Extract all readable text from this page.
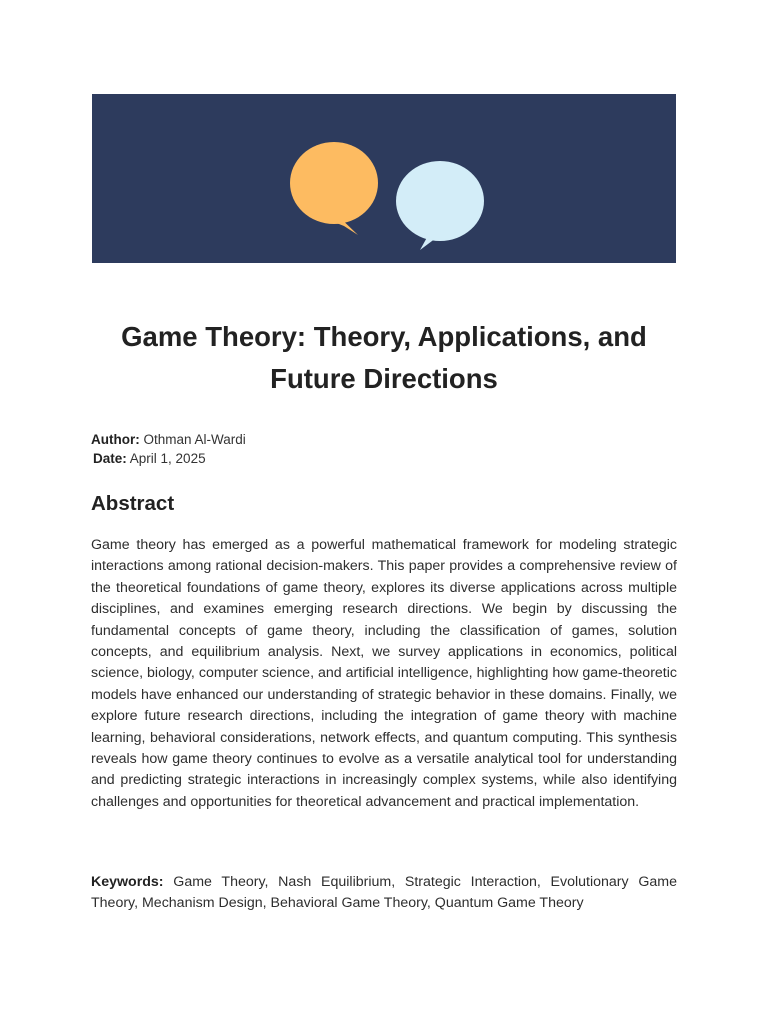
Game Theory: Theory, Applications, and Future Directions
Author: Othman Al-Wardi
Date: April 1, 2025
Abstract

Game theory has emerged as a powerful mathematical framework for modeling strategic interactions among rational decision-makers. This paper provides a comprehensive review of the theoretical foundations of game theory, explores its diverse applications across multiple disciplines, and examines emerging research directions. We begin by discussing the fundamental concepts of game theory, including the classification of games, solution concepts, and equilibrium analysis. Next, we survey applications in economics, political science, biology, computer science, and artificial intelligence, highlighting how game-theoretic models have enhanced our understanding of strategic behavior in these domains. Finally, we explore future research directions, including the integration of game theory with machine learning, behavioral considerations, network effects, and quantum computing. This synthesis reveals how game theory continues to evolve as a versatile analytical tool for understanding and predicting strategic interactions in increasingly complex systems, while also identifying challenges and opportunities for theoretical advancement and practical implementation.

Keywords: Game Theory, Nash Equilibrium, Strategic Interaction, Evolutionary Game Theory, Mechanism Design, Behavioral Game Theory, Quantum Game Theory
